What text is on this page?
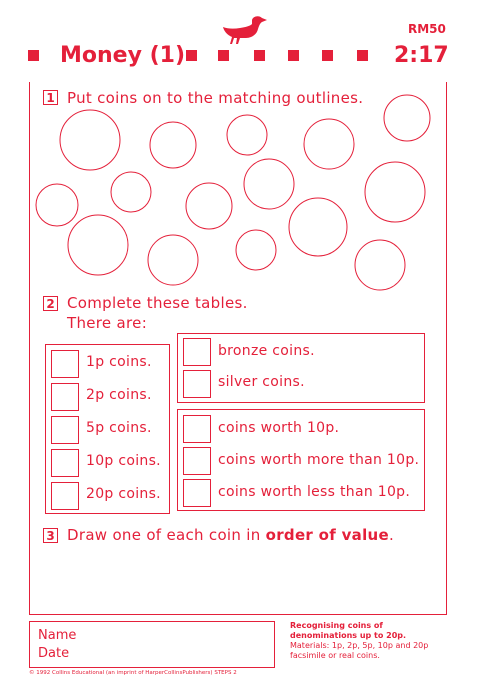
RM50
Money (1)	2:17
1 Put coins on to the matching outlines.
2 Complete these tables.
There are:
1p coins.
2p coins.
5p coins.
10p coins.
20p coins.
bronze coins.
silver coins.
coins worth 10p.
coins worth more than 10p.
coins worth less than 10p.
3 Draw one of each coin in order of value.
Name
Date
Recognising coins of denominations up to 20p.
Materials: 1p, 2p, 5p, 10p and 20p facsimile or real coins.
© 1992 Collins Educational (an imprint of HarperCollinsPublishers) STEPS 2
